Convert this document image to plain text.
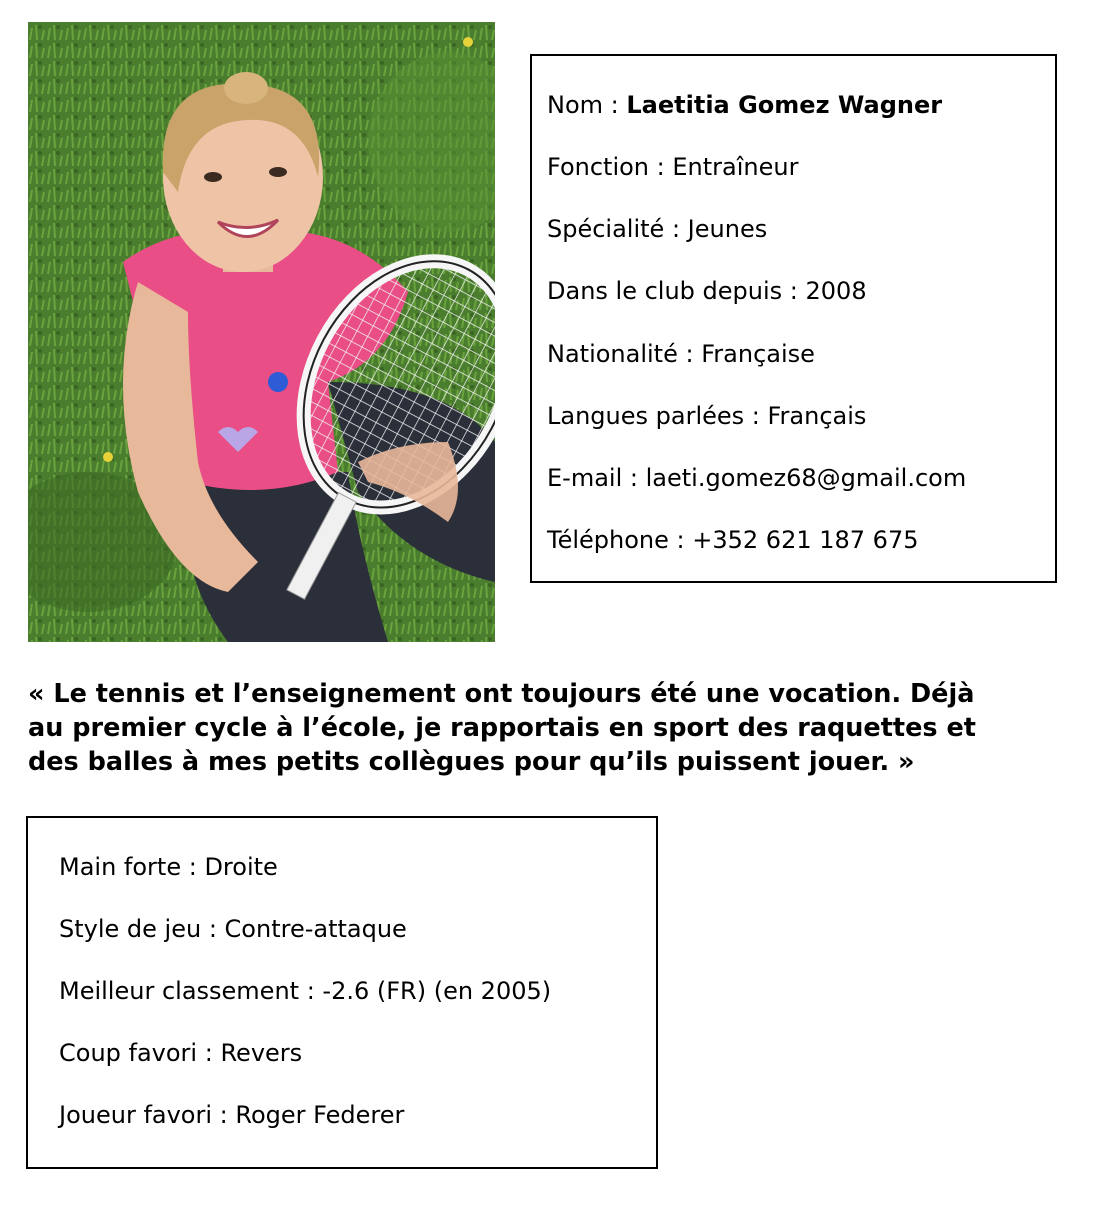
Nom : Laetitia Gomez Wagner
Fonction : Entraîneur
Spécialité : Jeunes
Dans le club depuis : 2008
Nationalité : Française
Langues parlées : Français
E-mail : laeti.gomez68@gmail.com
Téléphone : +352 621 187 675
« Le tennis et l’enseignement ont toujours été une vocation. Déjà
au premier cycle à l’école, je rapportais en sport des raquettes et
des balles à mes petits collègues pour qu’ils puissent jouer. »
Main forte : Droite
Style de jeu : Contre-attaque
Meilleur classement : -2.6 (FR) (en 2005)
Coup favori : Revers
Joueur favori : Roger Federer
